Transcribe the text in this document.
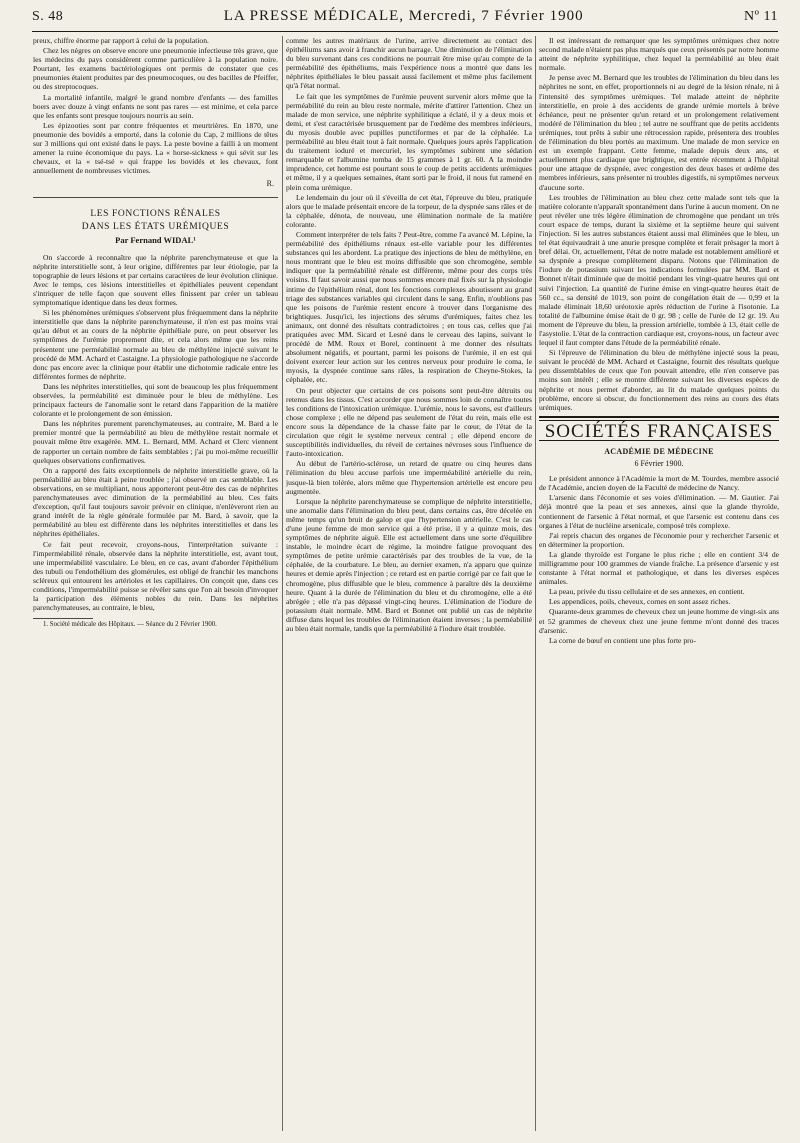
S. 48	LA PRESSE MÉDICALE, Mercredi, 7 Février 1900	Nº 11

preux, chiffre énorme par rapport à celui de la population.

Chez les nègres on observe encore une pneumonie infectieuse très grave, que les médecins du pays considèrent comme particulière à la population noire. Pourtant, les examens bactériologiques ont permis de constater que ces pneumonies étaient produites par des pneumocoques, ou des bacilles de Pfeiffer, ou des streptocoques.

La mortalité infantile, malgré le grand nombre d'enfants — des familles boers avec douze à vingt enfants ne sont pas rares — est minime, et cela parce que les enfants sont presque toujours nourris au sein.

Les épizooties sont par contre fréquentes et meurtrières. En 1870, une pneumonie des bovidés a emporté, dans la colonie du Cap, 2 millions de têtes sur 3 millions qui ont existé dans le pays. La peste bovine a failli à un moment amener la ruine économique du pays. La « horse-sickness » qui sévit sur les chevaux, et la « tsé-tsé » qui frappe les bovidés et les chevaux, font annuellement de nombreuses victimes.

R.
LES FONCTIONS RÉNALES
DANS LES ÉTATS URÉMIQUES
Par Fernand WIDAL¹

On s'accorde à reconnaître que la néphrite parenchymateuse et que la néphrite interstitielle sont, à leur origine, différentes par leur étiologie, par la topographie de leurs lésions et par certains caractères de leur évolution clinique. Avec le temps, ces lésions interstitielles et épithéliales peuvent cependant s'intriquer de telle façon que souvent elles finissent par créer un tableau symptomatique identique dans les deux formes.

Si les phénomènes urémiques s'observent plus fréquemment dans la néphrite interstitielle que dans la néphrite parenchymateuse, il n'en est pas moins vrai qu'au début et au cours de la néphrite épithéliale pure, on peut observer les symptômes de l'urémie proprement dite, et cela alors même que les reins présentent une perméabilité normale au bleu de méthylène injecté suivant le procédé de MM. Achard et Castaigne. La physiologie pathologique ne s'accorde donc pas encore avec la clinique pour établir une dichotomie radicale entre les différentes formes de néphrite.

Dans les néphrites interstitielles, qui sont de beaucoup les plus fréquemment observées, la perméabilité est diminuée pour le bleu de méthylène. Les principaux facteurs de l'anomalie sont le retard dans l'apparition de la matière colorante et le prolongement de son émission.

Dans les néphrites purement parenchymateuses, au contraire, M. Bard a le premier montré que la perméabilité au bleu de méthylène restait normale et pouvait même être exagérée. MM. L. Bernard, MM. Achard et Clerc viennent de rapporter un certain nombre de faits semblables ; j'ai pu moi-même recueillir quelques observations confirmatives.

On a rapporté des faits exceptionnels de néphrite interstitielle grave, où la perméabilité au bleu était à peine troublée ; j'ai observé un cas semblable. Les observations, en se multipliant, nous apporteront peut-être des cas de néphrites parenchymateuses avec diminution de la perméabilité au bleu. Ces faits d'exception, qu'il faut toujours savoir prévoir en clinique, n'enlèveront rien au grand intérêt de la règle générale formulée par M. Bard, à savoir, que la perméabilité au bleu est différente dans les néphrites interstitielles et dans les néphrites épithéliales.

Ce fait peut recevoir, croyons-nous, l'interprétation suivante : l'imperméabilité rénale, observée dans la néphrite interstitielle, est, avant tout, une imperméabilité vasculaire. Le bleu, en ce cas, avant d'aborder l'épithélium des tubuli ou l'endothélium des glomérules, est obligé de franchir les manchons scléreux qui entourent les artérioles et les capillaires. On conçoit que, dans ces conditions, l'imperméabilité puisse se révéler sans que l'on ait besoin d'invoquer la participation des éléments nobles du rein. Dans les néphrites parenchymateuses, au contraire, le bleu,

1. Société médicale des Hôpitaux. — Séance du 2 Février 1900.

comme les autres matériaux de l'urine, arrive directement au contact des épithéliums sans avoir à franchir aucun barrage. Une diminution de l'élimination du bleu survenant dans ces conditions ne pourrait être mise qu'au compte de la perméabilité des épithéliums, mais l'expérience nous a montré que dans les néphrites épithéliales le bleu passait aussi facilement et même plus facilement qu'à l'état normal.

Le fait que les symptômes de l'urémie peuvent survenir alors même que la perméabilité du rein au bleu reste normale, mérite d'attirer l'attention. Chez un malade de mon service, une néphrite syphilitique a éclaté, il y a deux mois et demi, et s'est caractérisée brusquement par de l'œdème des membres inférieurs, du myosis double avec pupilles punctiformes et par de la céphalée. La perméabilité au bleu était tout à fait normale. Quelques jours après l'application du traitement ioduré et mercuriel, les symptômes subirent une sédation remarquable et l'albumine tomba de 15 grammes à 1 gr. 60. A la moindre imprudence, cet homme est pourtant sous le coup de petits accidents urémiques et même, il y a quelques semaines, étant sorti par le froid, il nous fut ramené en plein coma urémique.

Le lendemain du jour où il s'éveilla de cet état, l'épreuve du bleu, pratiquée alors que le malade présentait encore de la torpeur, de la dyspnée sans râles et de la céphalée, dénota, de nouveau, une élimination normale de la matière colorante.

Comment interpréter de tels faits ? Peut-être, comme l'a avancé M. Lépine, la perméabilité des épithéliums rénaux est-elle variable pour les différentes substances qui les abordent. La pratique des injections de bleu de méthylène, en nous montrant que le bleu est moins diffusible que son chromogène, semble indiquer que la perméabilité rénale est différente, même pour des corps très voisins. Il faut savoir aussi que nous sommes encore mal fixés sur la physiologie intime de l'épithélium rénal, dont les fonctions complexes aboutissent au grand triage des substances variables qui circulent dans le sang. Enfin, n'oublions pas que les poisons de l'urémie restent encore à trouver dans l'organisme des brightiques. Jusqu'ici, les injections des sérums d'urémiques, faites chez les animaux, ont donné des résultats contradictoires ; en tous cas, celles que j'ai pratiquées avec MM. Sicard et Lesné dans le cerveau des lapins, suivant le procédé de MM. Roux et Borel, continuent à me donner des résultats absolument négatifs, et pourtant, parmi les poisons de l'urémie, il en est qui doivent exercer leur action sur les centres nerveux pour produire le coma, le myosis, la dyspnée continue sans râles, la respiration de Cheyne-Stokes, la céphalée, etc.

On peut objecter que certains de ces poisons sont peut-être détruits ou retenus dans les tissus. C'est accorder que nous sommes loin de connaître toutes les conditions de l'intoxication urémique. L'urémie, nous le savons, est d'ailleurs chose complexe ; elle ne dépend pas seulement de l'état du rein, mais elle est encore sous la dépendance de la chasse faite par le cœur, de l'état de la circulation que régit le système nerveux central ; elle dépend encore de susceptibilités individuelles, du réveil de certaines névroses sous l'influence de l'auto-intoxication.

Au début de l'artério-sclérose, un retard de quatre ou cinq heures dans l'élimination du bleu accuse parfois une imperméabilité artérielle du rein, jusque-là bien tolérée, alors même que l'hypertension artérielle est encore peu augmentée.

Lorsque la néphrite parenchymateuse se complique de néphrite interstitielle, une anomalie dans l'élimination du bleu peut, dans certains cas, être décelée en même temps qu'un bruit de galop et que l'hypertension artérielle. C'est le cas d'une jeune femme de mon service qui a été prise, il y a quinze mois, des symptômes de néphrite aiguë. Elle est actuellement dans une sorte d'équilibre instable, le moindre écart de régime, la moindre fatigue provoquant des symptômes de petite urémie caractérisés par des troubles de la vue, de la céphalée, de la courbature. Le bleu, au dernier examen, n'a apparu que quinze heures et demie après l'injection ; ce retard est en partie corrigé par ce fait que le chromogène, plus diffusible que le bleu, commence à paraître dès la deuxième heure. Quant à la durée de l'élimination du bleu et du chromogène, elle a été abrégée ; elle n'a pas dépassé vingt-cinq heures. L'élimination de l'iodure de potassium était normale. MM. Bard et Bonnet ont publié un cas de néphrite diffuse dans lequel les troubles de l'élimination étaient inverses ; la perméabilité au bleu était normale, tandis que la perméabilité à l'iodure était troublée.

Il est intéressant de remarquer que les symptômes urémiques chez notre second malade n'étaient pas plus marqués que ceux présentés par notre homme atteint de néphrite syphilitique, chez lequel la perméabilité au bleu était normale.

Je pense avec M. Bernard que les troubles de l'élimination du bleu dans les néphrites ne sont, en effet, proportionnels ni au degré de la lésion rénale, ni à l'intensité des symptômes urémiques. Tel malade atteint de néphrite interstitielle, en proie à des accidents de grande urémie mortels à brève échéance, peut ne présenter qu'un retard et un prolongement relativement modéré de l'élimination du bleu ; tel autre ne souffrant que de petits accidents urémiques, tout prêts à subir une rétrocession rapide, présentera des troubles de l'élimination du bleu portés au maximum. Une malade de mon service en est un exemple frappant. Cette femme, malade depuis deux ans, et actuellement plus cardiaque que brightique, est entrée récemment à l'hôpital pour une attaque de dyspnée, avec congestion des deux bases et œdème des membres inférieurs, sans présenter ni troubles digestifs, ni symptômes nerveux d'aucune sorte.

Les troubles de l'élimination au bleu chez cette malade sont tels que la matière colorante n'apparaît spontanément dans l'urine à aucun moment. On ne peut révéler une très légère élimination de chromogène que pendant un très court espace de temps, durant la sixième et la septième heure qui suivent l'injection. Si les autres substances étaient aussi mal éliminées que le bleu, un tel état équivaudrait à une anurie presque complète et ferait présager la mort à bref délai. Or, actuellement, l'état de notre malade est notablement amélioré et sa dyspnée a presque complètement disparu. Notons que l'élimination de l'iodure de potassium suivant les indications formulées par MM. Bard et Bonnet n'était diminuée que de moitié pendant les vingt-quatre heures qui ont suivi l'injection. La quantité de l'urine émise en vingt-quatre heures était de 560 cc., sa densité de 1019, son point de congélation était de — 0,99 et la malade éliminait 18,60 uréotoxie après réduction de l'urine à l'isotonie. La totalité de l'albumine émise était de 0 gr. 98 ; celle de l'urée de 12 gr. 19. Au moment de l'épreuve du bleu, la pression artérielle, tombée à 13, était celle de l'asystolie. L'état de la contraction cardiaque est, croyons-nous, un facteur avec lequel il faut compter dans l'étude de la perméabilité rénale.

Si l'épreuve de l'élimination du bleu de méthylène injecté sous la peau, suivant le procédé de MM. Achard et Castaigne, fournit des résultats quelque peu dissemblables de ceux que l'on pouvait attendre, elle n'en conserve pas moins son intérêt ; elle se montre différente suivant les diverses espèces de néphrite et nous permet d'aborder, au lit du malade quelques points du problème, encore si obscur, du fonctionnement des reins au cours des états urémiques.

SOCIÉTÉS FRANÇAISES
ACADÉMIE DE MÉDECINE
6 Février 1900.

Le président annonce à l'Académie la mort de M. Tourdes, membre associé de l'Académie, ancien doyen de la Faculté de médecine de Nancy.

L'arsenic dans l'économie et ses voies d'élimination. — M. Gautier. J'ai déjà montré que la peau et ses annexes, ainsi que la glande thyroïde, contiennent de l'arsenic à l'état normal, et que l'arsenic est contenu dans ces organes à l'état de nucléine arsenicale, composé très complexe.

J'ai repris chacun des organes de l'économie pour y rechercher l'arsenic et en déterminer la proportion.

La glande thyroïde est l'organe le plus riche ; elle en contient 3/4 de milligramme pour 100 grammes de viande fraîche. La présence d'arsenic y est constante à l'état normal et pathologique, et dans les diverses espèces animales.

La peau, privée du tissu cellulaire et de ses annexes, en contient.

Les appendices, poils, cheveux, cornes en sont assez riches.

Quarante-deux grammes de cheveux chez un jeune homme de vingt-six ans et 52 grammes de cheveux chez une jeune femme m'ont donné des traces d'arsenic.

La corne de bœuf en contient une plus forte pro-
